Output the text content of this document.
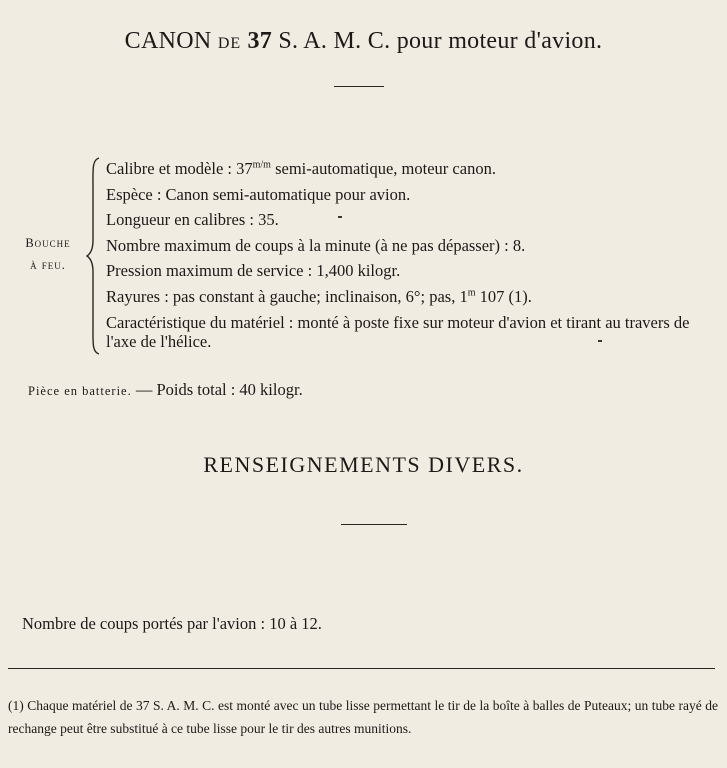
CANON DE 37 S. A. M. C. pour moteur d'avion.
Bouche
à feu.
Calibre et modèle : $37^{m/m}$ semi-automatique, moteur canon.
Espèce : Canon semi-automatique pour avion.
Longueur en calibres : 35.
Nombre maximum de coups à la minute (à ne pas dépasser) : 8.
Pression maximum de service : 1,400 kilogr.
Rayures : pas constant à gauche; inclinaison, 6°; pas, 1$^m$ 107 (1).
Caractéristique du matériel : monté à poste fixe sur moteur d'avion et tirant au travers de l'axe de l'hélice.
Pièce en batterie. — Poids total : 40 kilogr.
RENSEIGNEMENTS DIVERS.
Nombre de coups portés par l'avion : 10 à 12.
(1) Chaque matériel de 37 S. A. M. C. est monté avec un tube lisse permettant le tir de la boîte à balles de Puteaux; un tube rayé de rechange peut être substitué à ce tube lisse pour le tir des autres munitions.
